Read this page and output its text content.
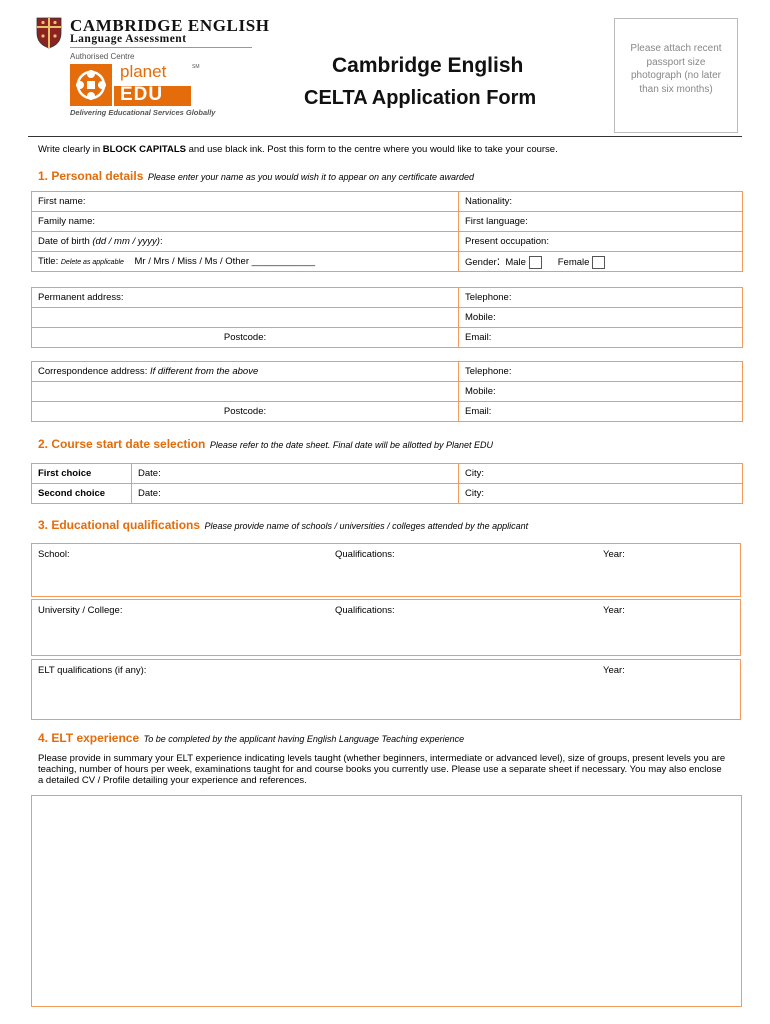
CAMBRIDGE ENGLISH
Language Assessment
Authorised Centre
planet
EDU
SM
Delivering Educational Services Globally
Cambridge English
CELTA Application Form
Please attach recent passport size photograph (no later than six months)
Write clearly in BLOCK CAPITALS and use black ink. Post this form to the centre where you would like to take your course.
1. Personal details Please enter your name as you would wish it to appear on any certificate awarded
First name:	Nationality:
Family name:	First language:
Date of birth (dd / mm / yyyy):	Present occupation:
Title: Delete as applicable Mr / Mrs / Miss / Ms / Other ____________	Gender: Male Female
Permanent address:	Telephone:
	Mobile:
Postcode:	Email:
Correspondence address: If different from the above	Telephone:
	Mobile:
Postcode:	Email:
2. Course start date selection Please refer to the date sheet. Final date will be allotted by Planet EDU
First choice	Date:	City:
Second choice	Date:	City:
3. Educational qualifications Please provide name of schools / universities / colleges attended by the applicant
School:	Qualifications:	Year:
University / College:	Qualifications:	Year:
ELT qualifications (if any):	Year:
4. ELT experience To be completed by the applicant having English Language Teaching experience
Please provide in summary your ELT experience indicating levels taught (whether beginners, intermediate or advanced level), size of groups, present levels you are teaching, number of hours per week, examinations taught for and course books you currently use. Please use a separate sheet if necessary. You may also enclose a detailed CV / Profile detailing your experience and references.
